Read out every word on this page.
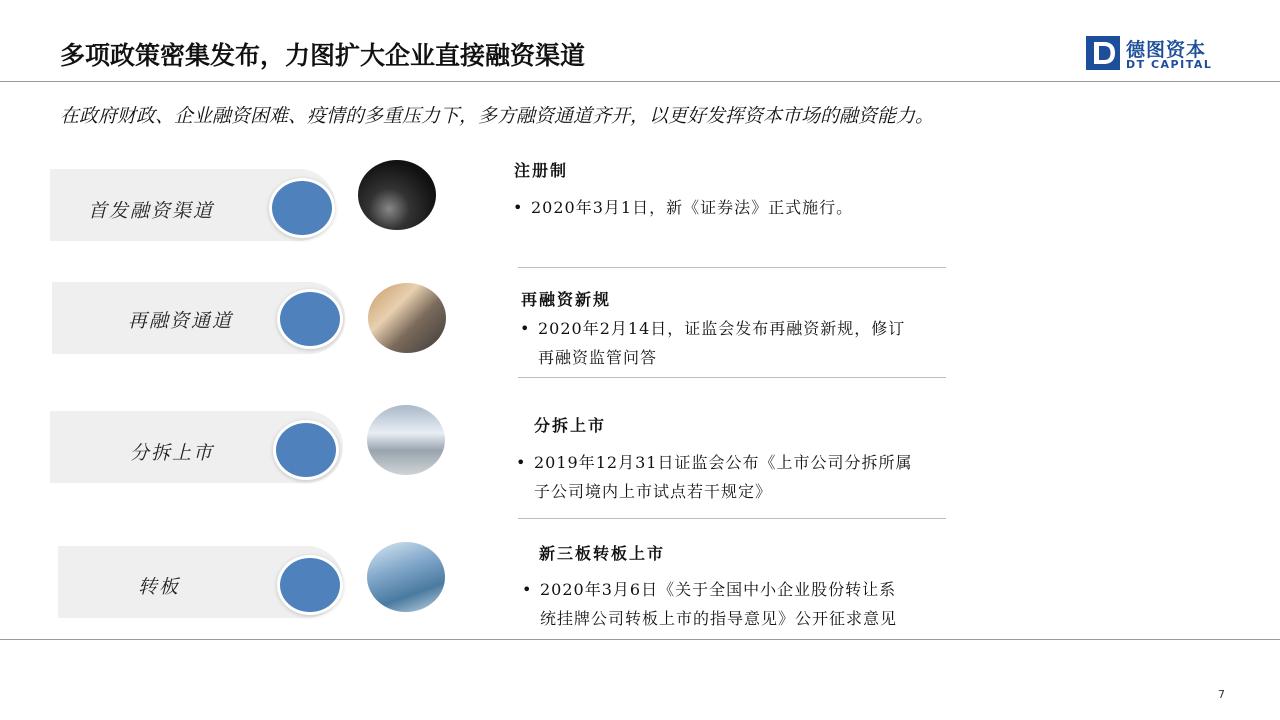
多项政策密集发布，力图扩大企业直接融资渠道	德图资本
DT CAPITAL
在政府财政、企业融资困难、疫情的多重压力下，多方融资通道齐开，以更好发挥资本市场的融资能力。
首发融资渠道
注册制
• 2020年3月1日，新《证券法》正式施行。
再融资通道
再融资新规
• 2020年2月14日，证监会发布再融资新规，修订
再融资监管问答
分拆上市
分拆上市
• 2019年12月31日证监会公布《上市公司分拆所属
子公司境内上市试点若干规定》
转板
新三板转板上市
• 2020年3月6日《关于全国中小企业股份转让系
统挂牌公司转板上市的指导意见》公开征求意见
7
